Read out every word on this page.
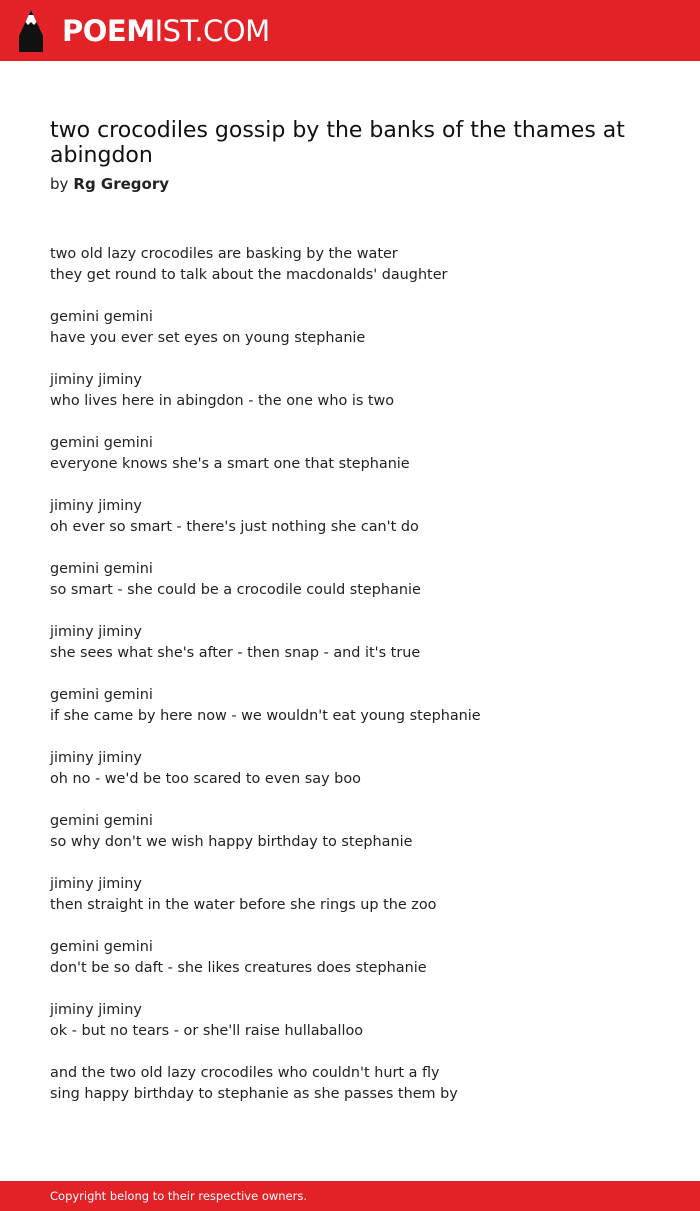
POEMIST.COM
two crocodiles gossip by the banks of the thames at abingdon
by Rg Gregory
two old lazy crocodiles are basking by the water
they get round to talk about the macdonalds' daughter
gemini gemini
have you ever set eyes on young stephanie
jiminy jiminy
who lives here in abingdon - the one who is two
gemini gemini
everyone knows she's a smart one that stephanie
jiminy jiminy
oh ever so smart - there's just nothing she can't do
gemini gemini
so smart - she could be a crocodile could stephanie
jiminy jiminy
she sees what she's after - then snap - and it's true
gemini gemini
if she came by here now - we wouldn't eat young stephanie
jiminy jiminy
oh no - we'd be too scared to even say boo
gemini gemini
so why don't we wish happy birthday to stephanie
jiminy jiminy
then straight in the water before she rings up the zoo
gemini gemini
don't be so daft - she likes creatures does stephanie
jiminy jiminy
ok - but no tears - or she'll raise hullaballoo
and the two old lazy crocodiles who couldn't hurt a fly
sing happy birthday to stephanie as she passes them by
Copyright belong to their respective owners.
